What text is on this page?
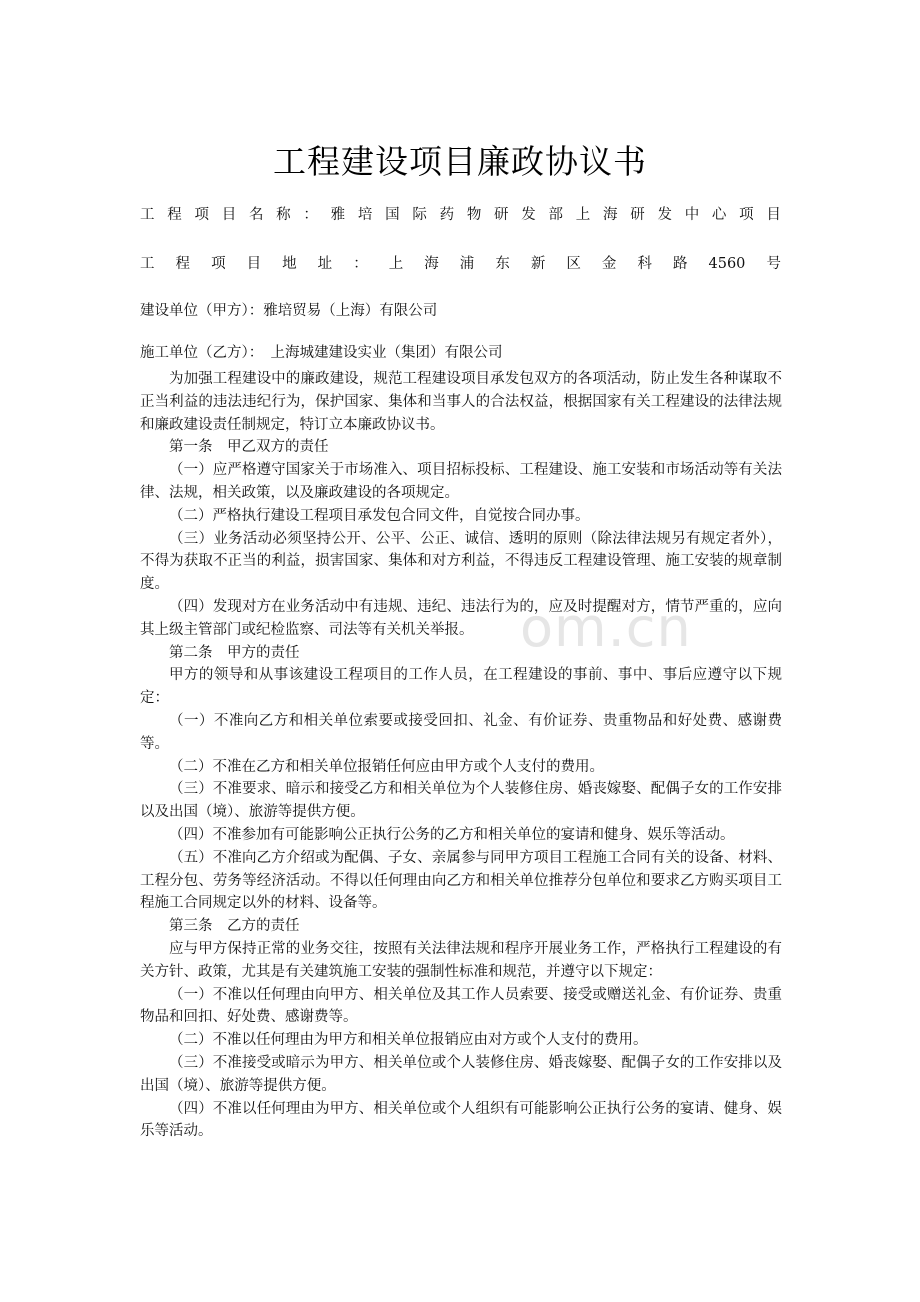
工程建设项目廉政协议书
工 程 项 目 名 称 ： 雅 培 国 际 药 物 研 发 部 上 海 研 发 中 心 项 目
工 程 项 目 地 址 ： 上 海 浦 东 新 区 金 科 路 4560 号
建设单位（甲方）：雅培贸易（上海）有限公司
施工单位（乙方）：　上海城建建设实业（集团）有限公司
om.cn

为加强工程建设中的廉政建设，规范工程建设项目承发包双方的各项活动，防止发生各种谋取不正当利益的违法违纪行为，保护国家、集体和当事人的合法权益，根据国家有关工程建设的法律法规和廉政建设责任制规定，特订立本廉政协议书。

第一条　甲乙双方的责任

（一）应严格遵守国家关于市场准入、项目招标投标、工程建设、施工安装和市场活动等有关法律、法规，相关政策，以及廉政建设的各项规定。

（二）严格执行建设工程项目承发包合同文件，自觉按合同办事。

（三）业务活动必须坚持公开、公平、公正、诚信、透明的原则（除法律法规另有规定者外），不得为获取不正当的利益，损害国家、集体和对方利益，不得违反工程建设管理、施工安装的规章制度。

（四）发现对方在业务活动中有违规、违纪、违法行为的，应及时提醒对方，情节严重的，应向其上级主管部门或纪检监察、司法等有关机关举报。

第二条　甲方的责任

甲方的领导和从事该建设工程项目的工作人员，在工程建设的事前、事中、事后应遵守以下规定：

（一）不准向乙方和相关单位索要或接受回扣、礼金、有价证券、贵重物品和好处费、感谢费等。

（二）不准在乙方和相关单位报销任何应由甲方或个人支付的费用。

（三）不准要求、暗示和接受乙方和相关单位为个人装修住房、婚丧嫁娶、配偶子女的工作安排以及出国（境）、旅游等提供方便。

（四）不准参加有可能影响公正执行公务的乙方和相关单位的宴请和健身、娱乐等活动。

（五）不准向乙方介绍或为配偶、子女、亲属参与同甲方项目工程施工合同有关的设备、材料、工程分包、劳务等经济活动。不得以任何理由向乙方和相关单位推荐分包单位和要求乙方购买项目工程施工合同规定以外的材料、设备等。

第三条　乙方的责任

应与甲方保持正常的业务交往，按照有关法律法规和程序开展业务工作，严格执行工程建设的有关方针、政策，尤其是有关建筑施工安装的强制性标准和规范，并遵守以下规定：

（一）不准以任何理由向甲方、相关单位及其工作人员索要、接受或赠送礼金、有价证券、贵重物品和回扣、好处费、感谢费等。

（二）不准以任何理由为甲方和相关单位报销应由对方或个人支付的费用。

（三）不准接受或暗示为甲方、相关单位或个人装修住房、婚丧嫁娶、配偶子女的工作安排以及出国（境）、旅游等提供方便。

（四）不准以任何理由为甲方、相关单位或个人组织有可能影响公正执行公务的宴请、健身、娱乐等活动。
